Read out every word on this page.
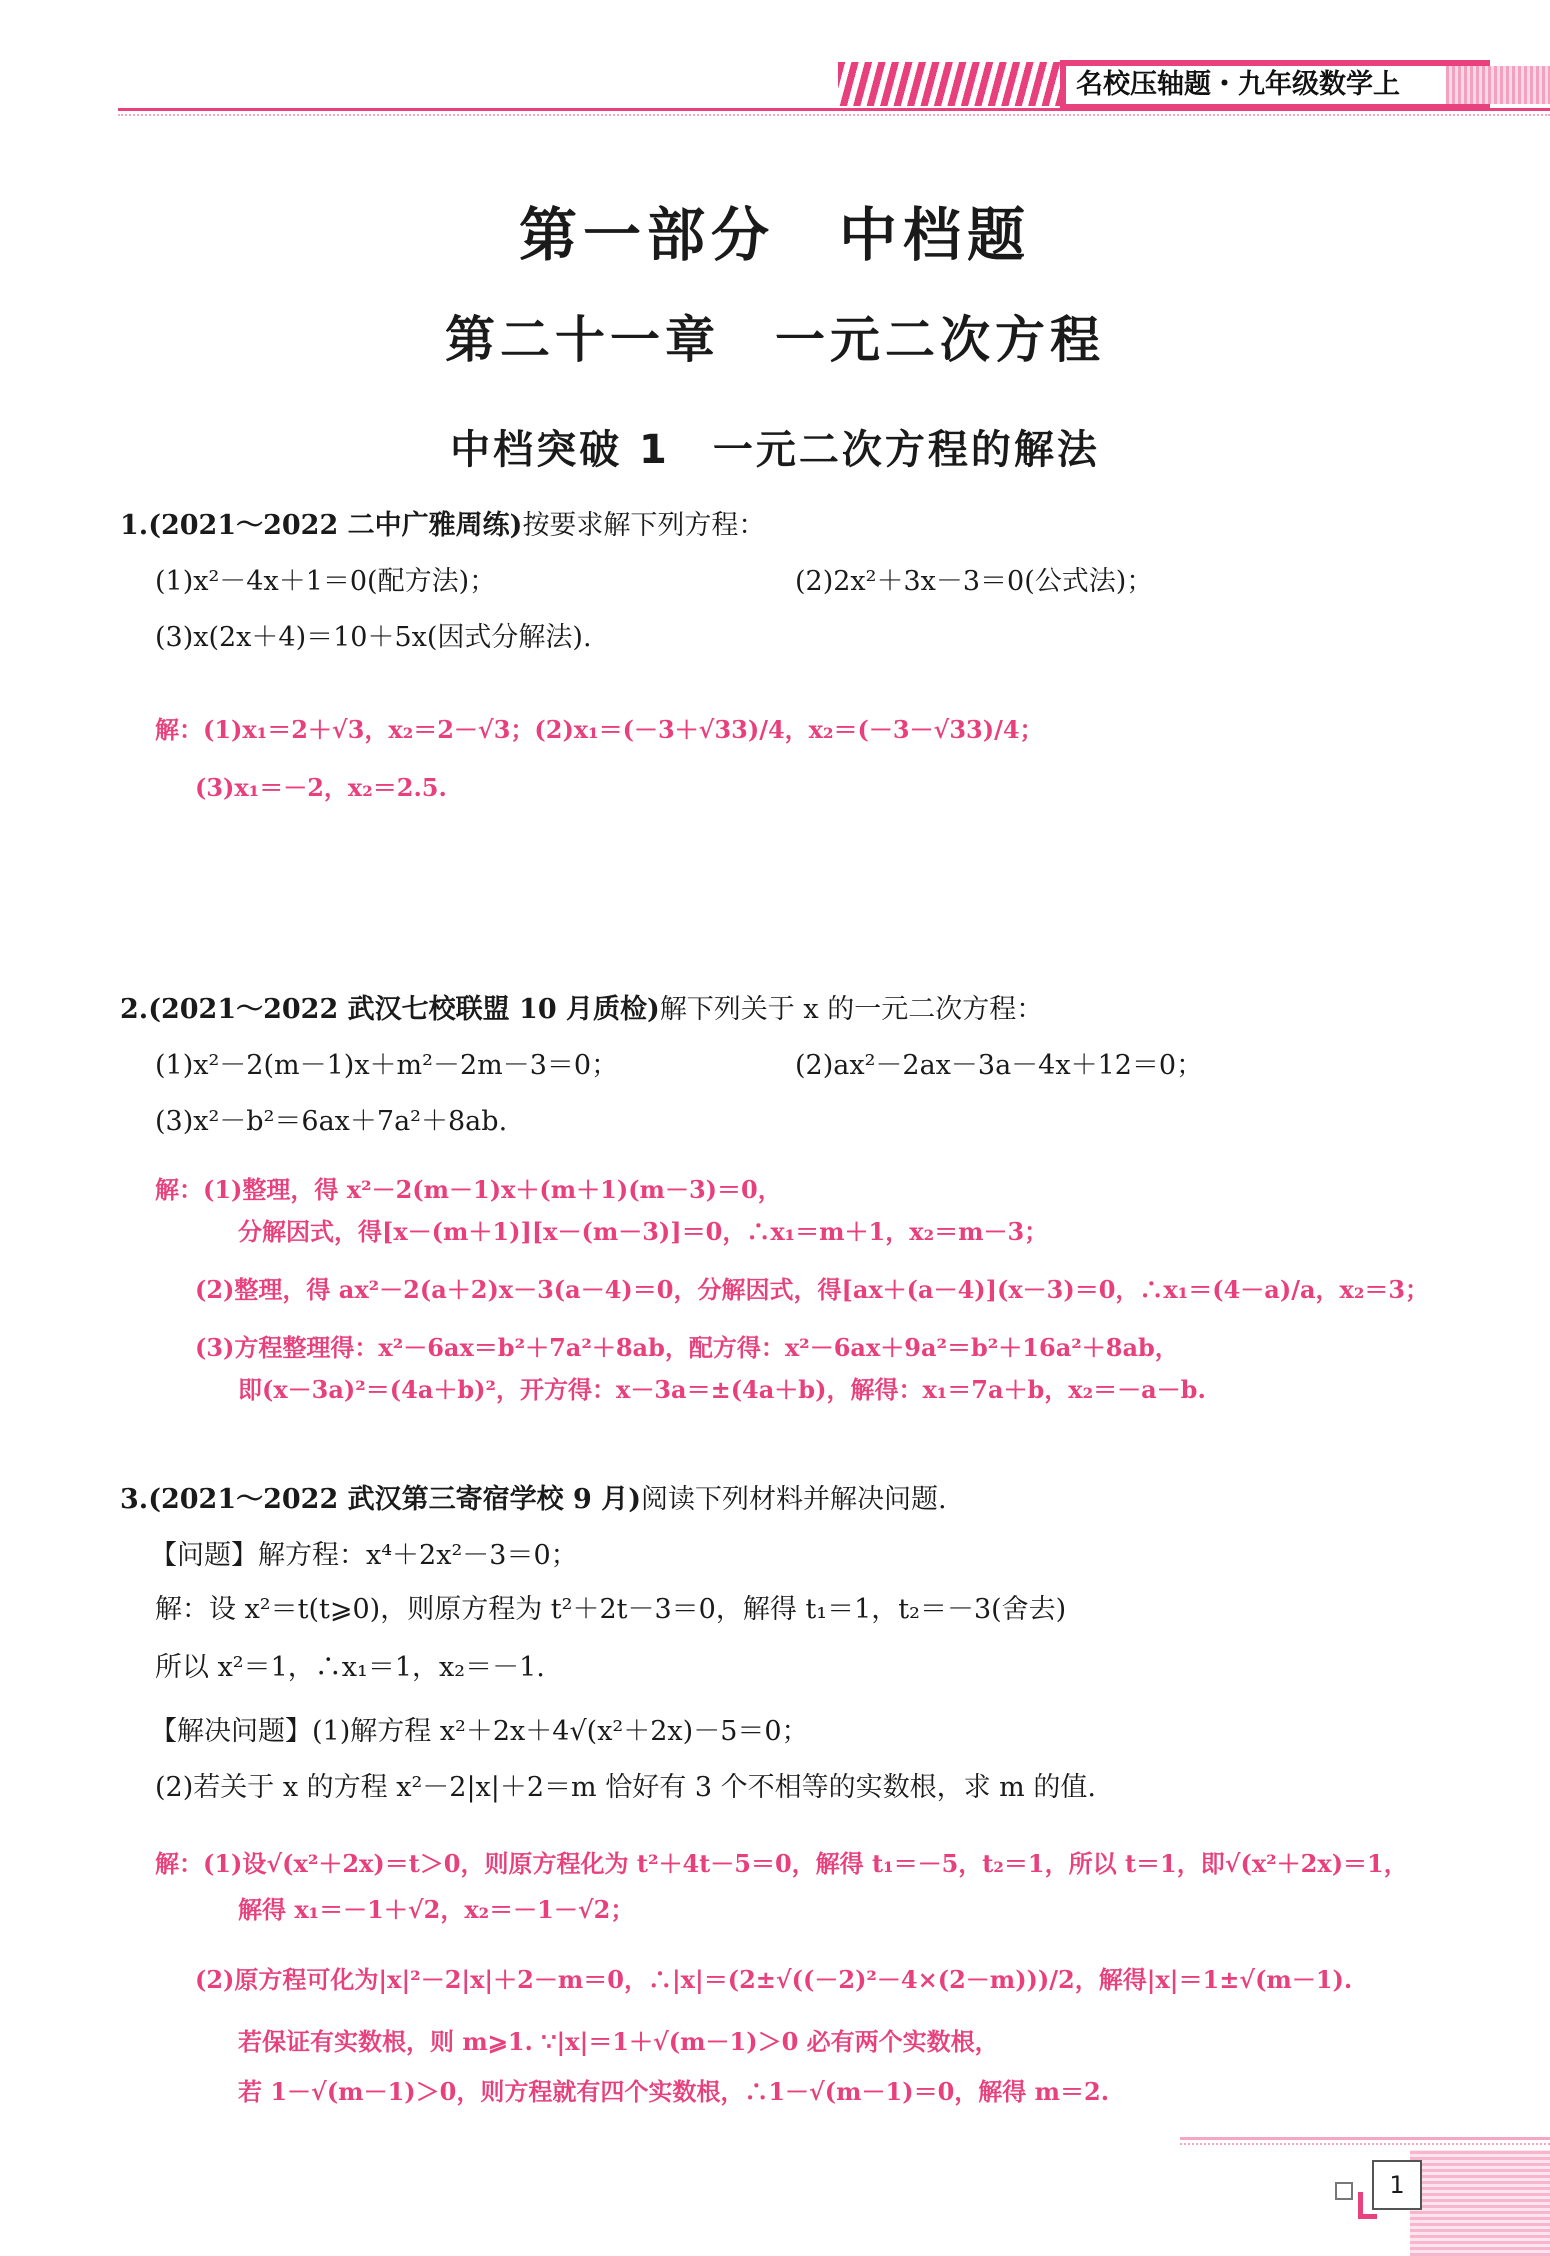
名校压轴题・九年级数学上
第一部分　中档题
第二十一章　一元二次方程
中档突破 1　一元二次方程的解法
1.(2021～2022 二中广雅周练)按要求解下列方程：
(1)x²－4x＋1＝0(配方法)；	(2)2x²＋3x－3＝0(公式法)；
(3)x(2x＋4)＝10＋5x(因式分解法).
解：(1)x₁＝2＋√3，x₂＝2－√3；(2)x₁＝(－3＋√33)/4，x₂＝(－3－√33)/4；
(3)x₁＝－2，x₂＝2.5.
2.(2021～2022 武汉七校联盟 10 月质检)解下列关于 x 的一元二次方程：
(1)x²－2(m－1)x＋m²－2m－3＝0；	(2)ax²－2ax－3a－4x＋12＝0；
(3)x²－b²＝6ax＋7a²＋8ab.
解：(1)整理，得 x²－2(m－1)x＋(m＋1)(m－3)＝0，
分解因式，得[x－(m＋1)][x－(m－3)]＝0，∴x₁＝m＋1，x₂＝m－3；
(2)整理，得 ax²－2(a＋2)x－3(a－4)＝0，分解因式，得[ax＋(a－4)](x－3)＝0，∴x₁＝(4－a)/a，x₂＝3；
(3)方程整理得：x²－6ax＝b²＋7a²＋8ab，配方得：x²－6ax＋9a²＝b²＋16a²＋8ab，
即(x－3a)²＝(4a＋b)²，开方得：x－3a＝±(4a＋b)，解得：x₁＝7a＋b，x₂＝－a－b.
3.(2021～2022 武汉第三寄宿学校 9 月)阅读下列材料并解决问题.
【问题】解方程：x⁴＋2x²－3＝0；
解：设 x²＝t(t⩾0)，则原方程为 t²＋2t－3＝0，解得 t₁＝1，t₂＝－3(舍去)
所以 x²＝1，∴x₁＝1，x₂＝－1.
【解决问题】(1)解方程 x²＋2x＋4√(x²＋2x)－5＝0；
(2)若关于 x 的方程 x²－2|x|＋2＝m 恰好有 3 个不相等的实数根，求 m 的值.
解：(1)设√(x²＋2x)＝t＞0，则原方程化为 t²＋4t－5＝0，解得 t₁＝－5，t₂＝1，所以 t＝1，即√(x²＋2x)＝1，
解得 x₁＝－1＋√2，x₂＝－1－√2；
(2)原方程可化为|x|²－2|x|＋2－m＝0，∴|x|＝(2±√((－2)²－4×(2－m)))/2，解得|x|＝1±√(m－1).
若保证有实数根，则 m⩾1. ∵|x|＝1＋√(m－1)＞0 必有两个实数根，
若 1－√(m－1)＞0，则方程就有四个实数根，∴1－√(m－1)＝0，解得 m＝2.
1
